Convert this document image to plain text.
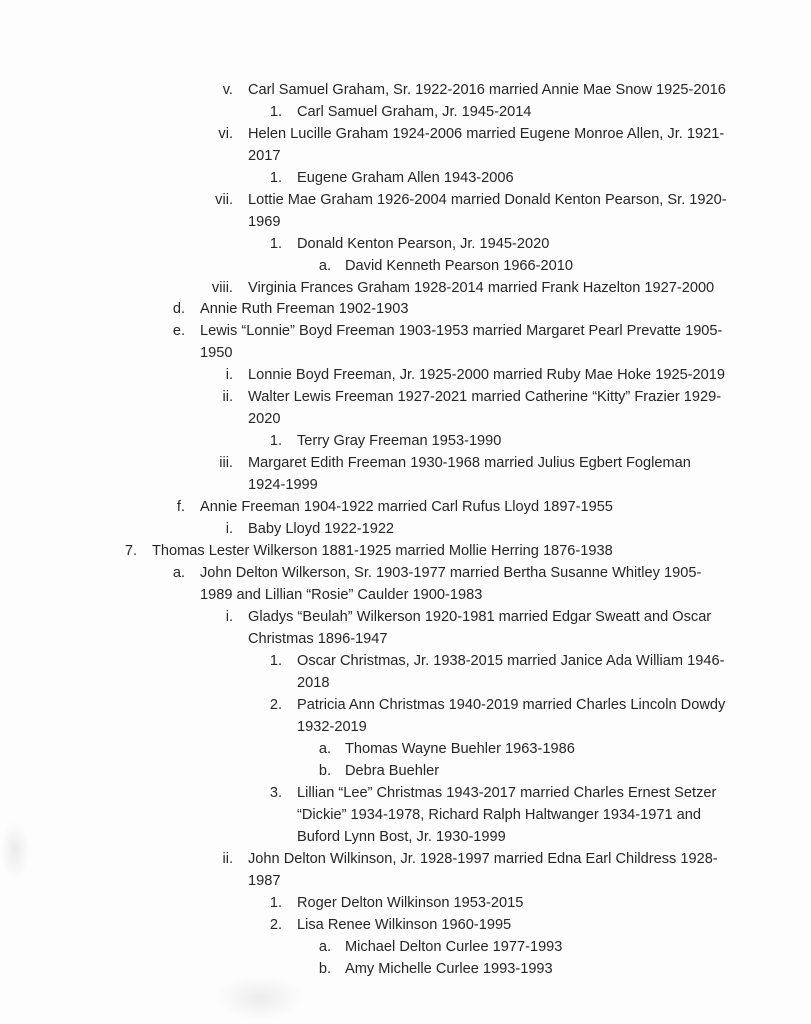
v. Carl Samuel Graham, Sr. 1922-2016 married Annie Mae Snow 1925-2016
1. Carl Samuel Graham, Jr. 1945-2014
vi. Helen Lucille Graham 1924-2006 married Eugene Monroe Allen, Jr. 1921-
2017
1. Eugene Graham Allen 1943-2006
vii. Lottie Mae Graham 1926-2004 married Donald Kenton Pearson, Sr. 1920-
1969
1. Donald Kenton Pearson, Jr. 1945-2020
a. David Kenneth Pearson 1966-2010
viii. Virginia Frances Graham 1928-2014 married Frank Hazelton 1927-2000
d. Annie Ruth Freeman 1902-1903
e. Lewis “Lonnie” Boyd Freeman 1903-1953 married Margaret Pearl Prevatte 1905-
1950
i. Lonnie Boyd Freeman, Jr. 1925-2000 married Ruby Mae Hoke 1925-2019
ii. Walter Lewis Freeman 1927-2021 married Catherine “Kitty” Frazier 1929-
2020
1. Terry Gray Freeman 1953-1990
iii. Margaret Edith Freeman 1930-1968 married Julius Egbert Fogleman
1924-1999
f. Annie Freeman 1904-1922 married Carl Rufus Lloyd 1897-1955
i. Baby Lloyd 1922-1922
7. Thomas Lester Wilkerson 1881-1925 married Mollie Herring 1876-1938
a. John Delton Wilkerson, Sr. 1903-1977 married Bertha Susanne Whitley 1905-
1989 and Lillian “Rosie” Caulder 1900-1983
i. Gladys “Beulah” Wilkerson 1920-1981 married Edgar Sweatt and Oscar
Christmas 1896-1947
1. Oscar Christmas, Jr. 1938-2015 married Janice Ada William 1946-
2018
2. Patricia Ann Christmas 1940-2019 married Charles Lincoln Dowdy
1932-2019
a. Thomas Wayne Buehler 1963-1986
b. Debra Buehler
3. Lillian “Lee” Christmas 1943-2017 married Charles Ernest Setzer
“Dickie” 1934-1978, Richard Ralph Haltwanger 1934-1971 and
Buford Lynn Bost, Jr. 1930-1999
ii. John Delton Wilkinson, Jr. 1928-1997 married Edna Earl Childress 1928-
1987
1. Roger Delton Wilkinson 1953-2015
2. Lisa Renee Wilkinson 1960-1995
a. Michael Delton Curlee 1977-1993
b. Amy Michelle Curlee 1993-1993
